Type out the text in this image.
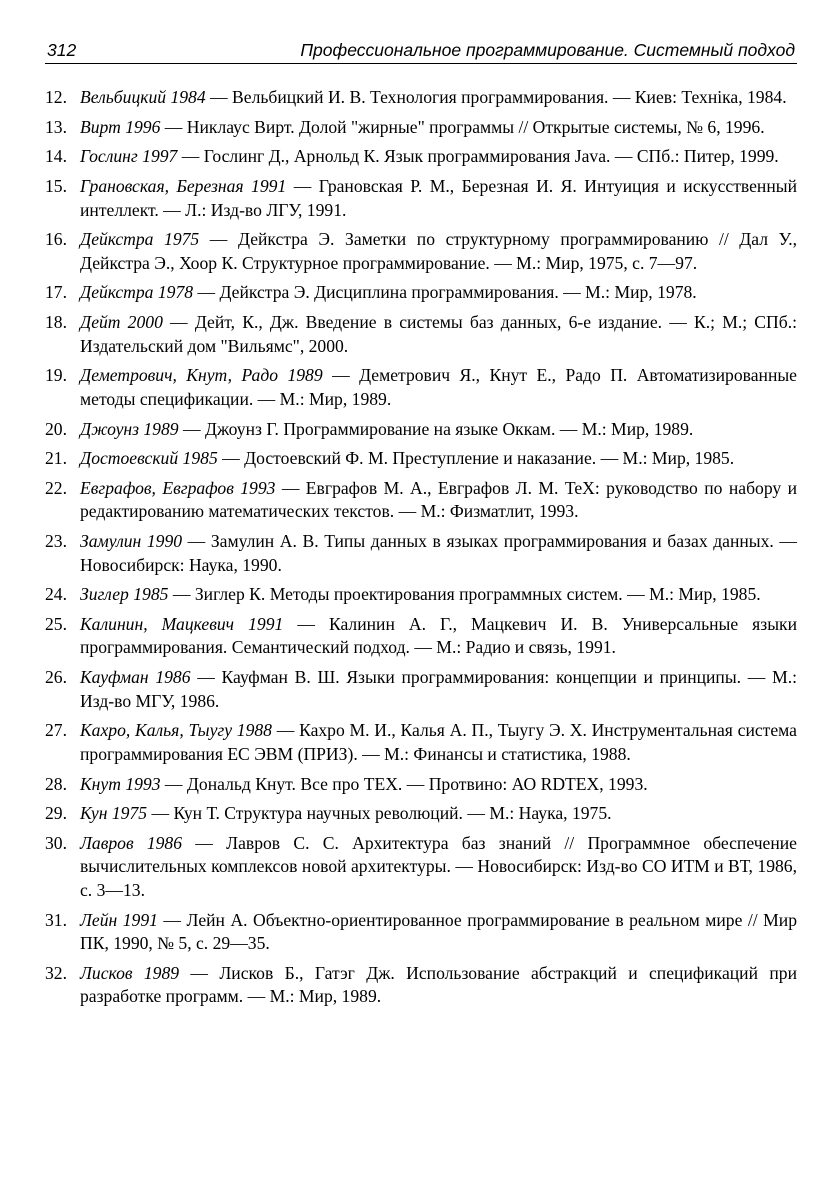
312	Профессиональное программирование. Системный подход
12. Вельбицкий 1984 — Вельбицкий И. В. Технология программирования. — Киев: Техніка, 1984.
13. Вирт 1996 — Никлаус Вирт. Долой "жирные" программы // Открытые системы, № 6, 1996.
14. Гослинг 1997 — Гослинг Д., Арнольд К. Язык программирования Java. — СПб.: Питер, 1999.
15. Грановская, Березная 1991 — Грановская Р. М., Березная И. Я. Интуиция и искусственный интеллект. — Л.: Изд-во ЛГУ, 1991.
16. Дейкстра 1975 — Дейкстра Э. Заметки по структурному программированию // Дал У., Дейкстра Э., Хоор К. Структурное программирование. — М.: Мир, 1975, с. 7—97.
17. Дейкстра 1978 — Дейкстра Э. Дисциплина программирования. — М.: Мир, 1978.
18. Дейт 2000 — Дейт, К., Дж. Введение в системы баз данных, 6-е издание. — К.; М.; СПб.: Издательский дом "Вильямс", 2000.
19. Деметрович, Кнут, Радо 1989 — Деметрович Я., Кнут Е., Радо П. Автоматизированные методы спецификации. — М.: Мир, 1989.
20. Джоунз 1989 — Джоунз Г. Программирование на языке Оккам. — М.: Мир, 1989.
21. Достоевский 1985 — Достоевский Ф. М. Преступление и наказание. — М.: Мир, 1985.
22. Евграфов, Евграфов 1993 — Евграфов М. А., Евграфов Л. М. TeX: руководство по набору и редактированию математических текстов. — М.: Физматлит, 1993.
23. Замулин 1990 — Замулин А. В. Типы данных в языках программирования и базах данных. — Новосибирск: Наука, 1990.
24. Зиглер 1985 — Зиглер К. Методы проектирования программных систем. — М.: Мир, 1985.
25. Калинин, Мацкевич 1991 — Калинин А. Г., Мацкевич И. В. Универсальные языки программирования. Семантический подход. — М.: Радио и связь, 1991.
26. Кауфман 1986 — Кауфман В. Ш. Языки программирования: концепции и принципы. — М.: Изд-во МГУ, 1986.
27. Кахро, Калья, Тыугу 1988 — Кахро М. И., Калья А. П., Тыугу Э. Х. Инструментальная система программирования ЕС ЭВМ (ПРИЗ). — М.: Финансы и статистика, 1988.
28. Кнут 1993 — Дональд Кнут. Все про TEX. — Протвино: АО RDTEX, 1993.
29. Кун 1975 — Кун Т. Структура научных революций. — М.: Наука, 1975.
30. Лавров 1986 — Лавров С. С. Архитектура баз знаний // Программное обеспечение вычислительных комплексов новой архитектуры. — Новосибирск: Изд-во СО ИТМ и ВТ, 1986, с. 3—13.
31. Лейн 1991 — Лейн А. Объектно-ориентированное программирование в реальном мире // Мир ПК, 1990, № 5, с. 29—35.
32. Лисков 1989 — Лисков Б., Гатэг Дж. Использование абстракций и спецификаций при разработке программ. — М.: Мир, 1989.
